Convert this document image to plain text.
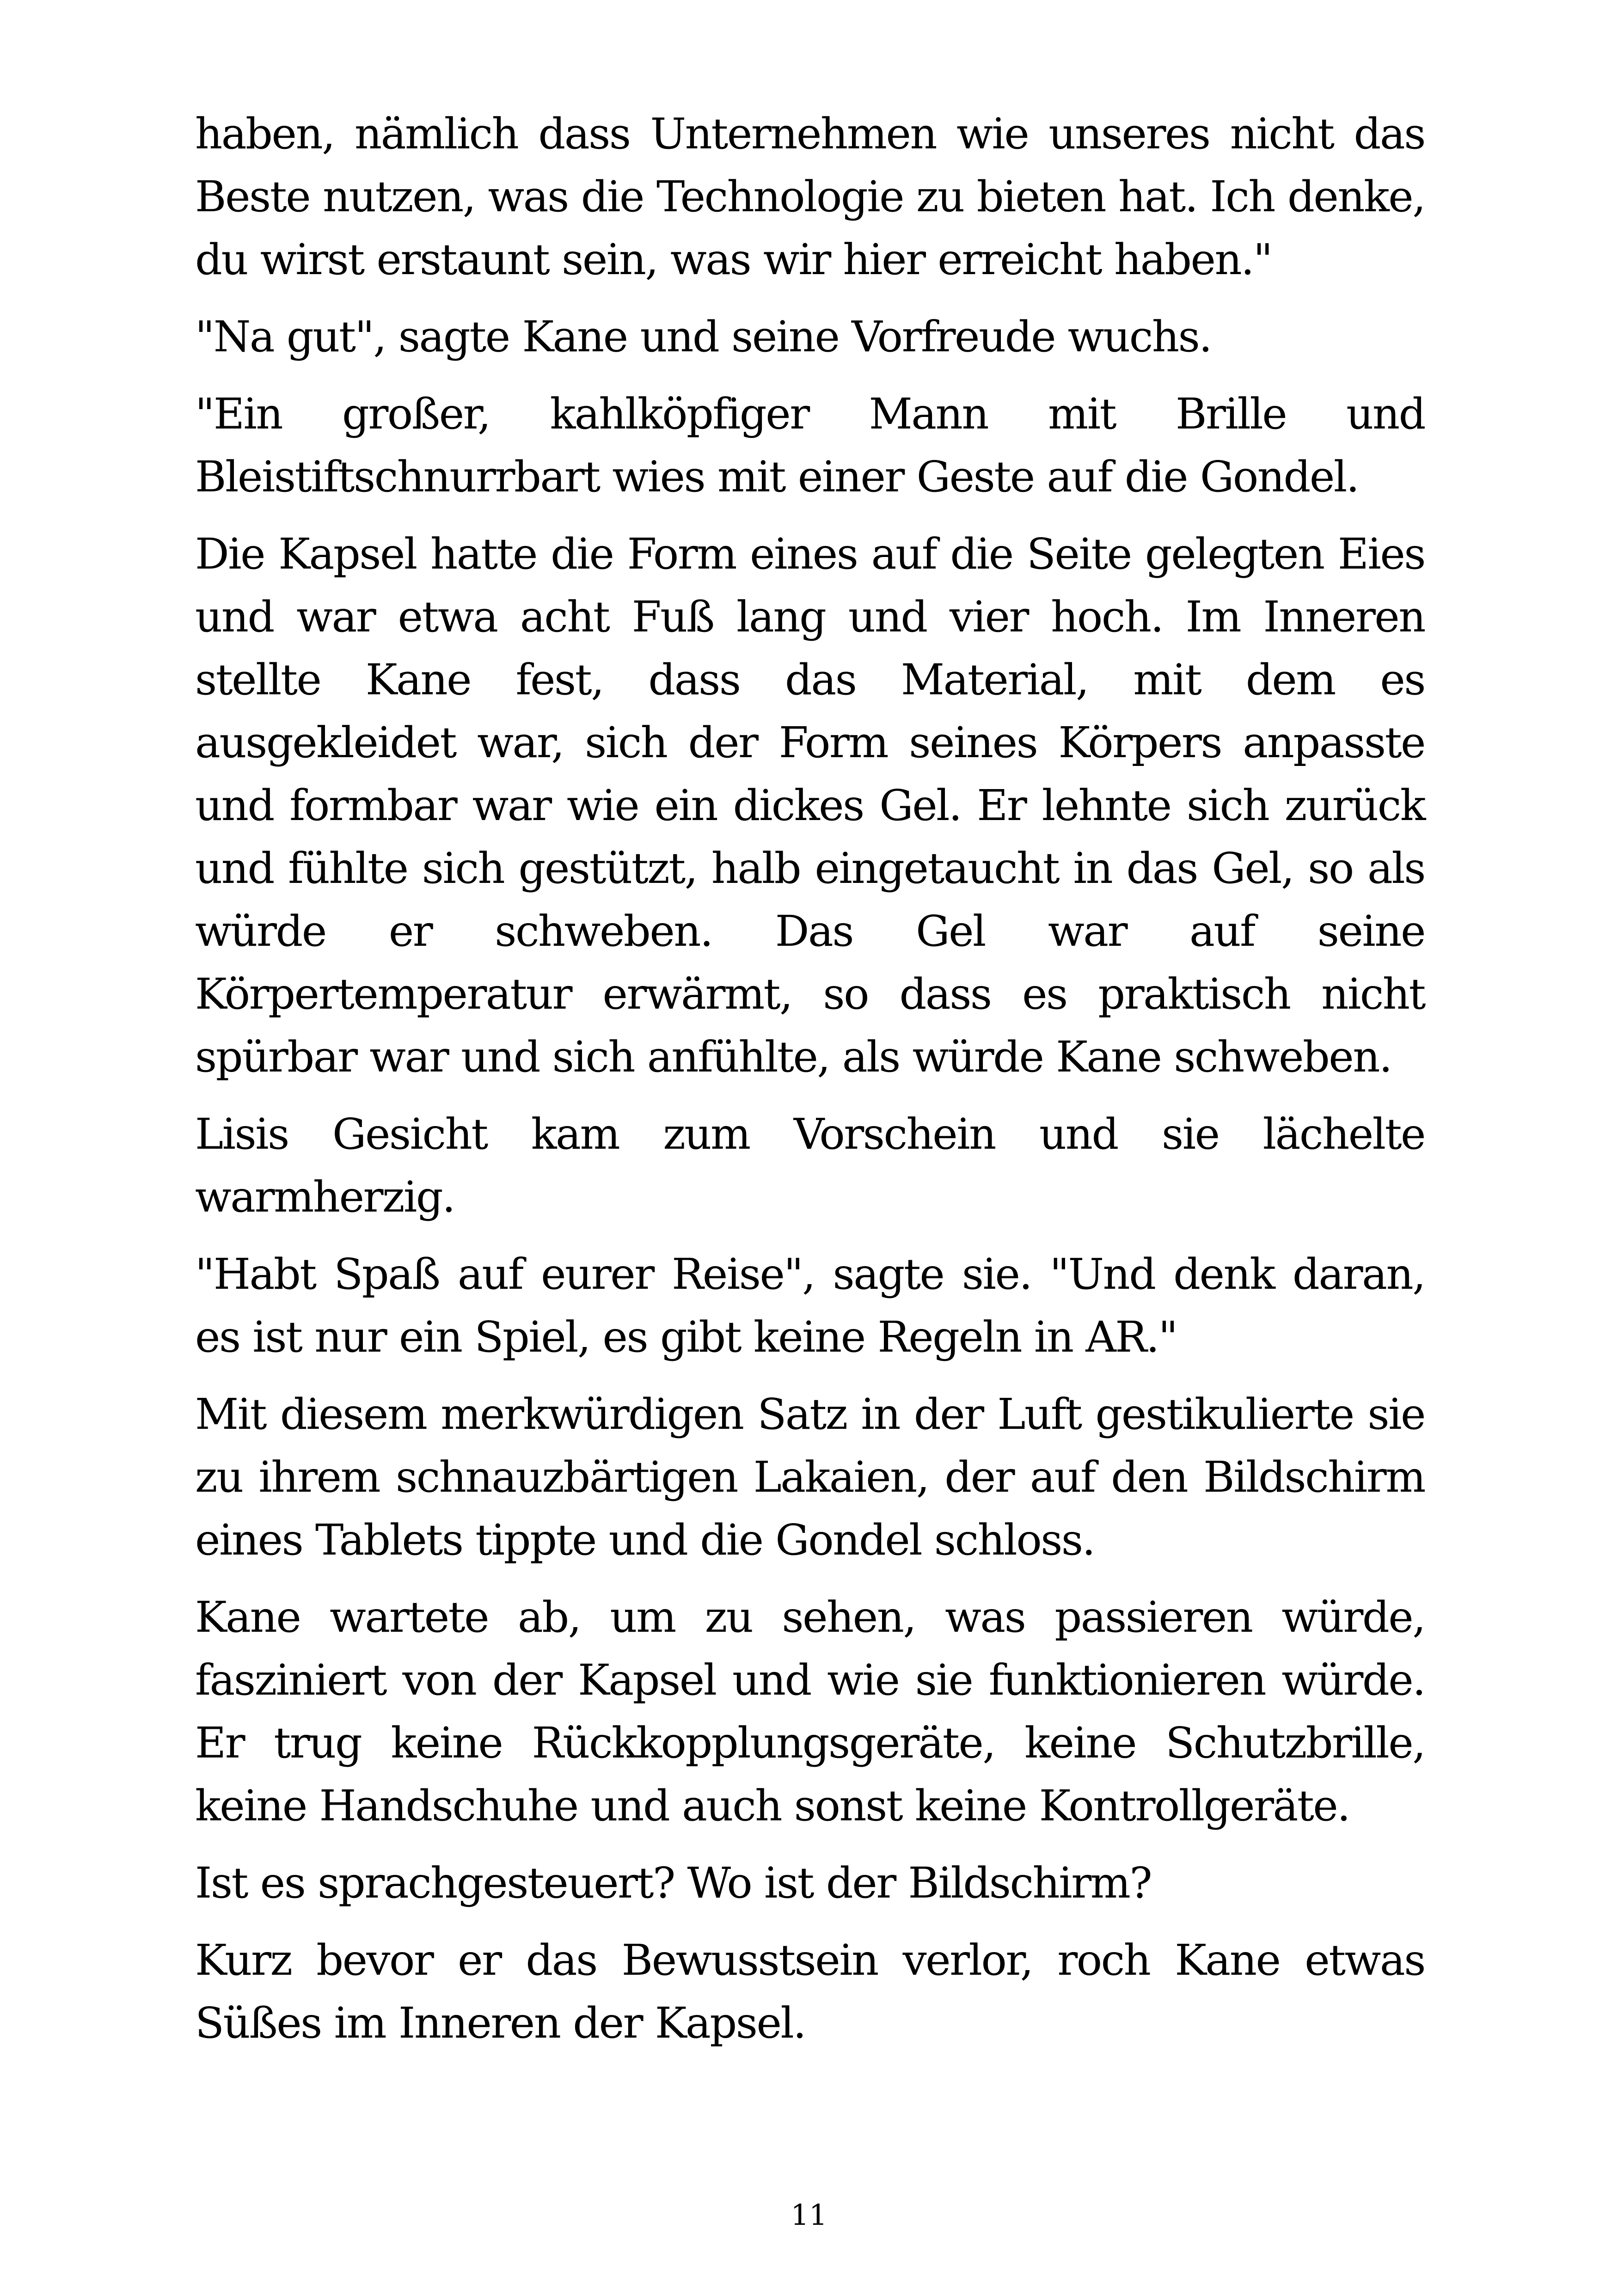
haben, nämlich dass Unternehmen wie unseres nicht das Beste nutzen, was die Technologie zu bieten hat. Ich denke, du wirst erstaunt sein, was wir hier erreicht haben."

"Na gut", sagte Kane und seine Vorfreude wuchs.

"Ein großer, kahlköpfiger Mann mit Brille und Bleistiftschnurrbart wies mit einer Geste auf die Gondel.

Die Kapsel hatte die Form eines auf die Seite gelegten Eies und war etwa acht Fuß lang und vier hoch. Im Inneren stellte Kane fest, dass das Material, mit dem es ausgekleidet war, sich der Form seines Körpers anpasste und formbar war wie ein dickes Gel. Er lehnte sich zurück und fühlte sich gestützt, halb eingetaucht in das Gel, so als würde er schweben. Das Gel war auf seine Körpertemperatur erwärmt, so dass es praktisch nicht spürbar war und sich anfühlte, als würde Kane schweben.

Lisis Gesicht kam zum Vorschein und sie lächelte warmherzig.

"Habt Spaß auf eurer Reise", sagte sie. "Und denk daran, es ist nur ein Spiel, es gibt keine Regeln in AR."

Mit diesem merkwürdigen Satz in der Luft gestikulierte sie zu ihrem schnauzbärtigen Lakaien, der auf den Bildschirm eines Tablets tippte und die Gondel schloss.

Kane wartete ab, um zu sehen, was passieren würde, fasziniert von der Kapsel und wie sie funktionieren würde. Er trug keine Rückkopplungsgeräte, keine Schutzbrille, keine Handschuhe und auch sonst keine Kontrollgeräte.

Ist es sprachgesteuert? Wo ist der Bildschirm?

Kurz bevor er das Bewusstsein verlor, roch Kane etwas Süßes im Inneren der Kapsel.

11
